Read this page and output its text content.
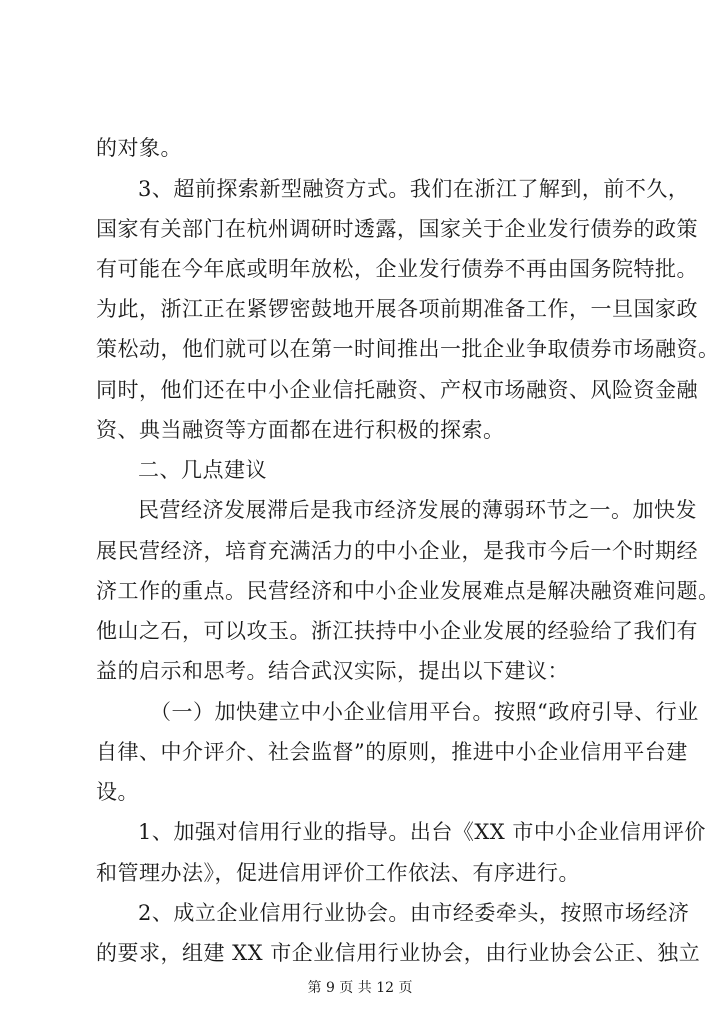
的对象。
3、超前探索新型融资方式。我们在浙江了解到，前不久，
国家有关部门在杭州调研时透露，国家关于企业发行债券的政策
有可能在今年底或明年放松，企业发行债券不再由国务院特批。
为此，浙江正在紧锣密鼓地开展各项前期准备工作，一旦国家政
策松动，他们就可以在第一时间推出一批企业争取债券市场融资。
同时，他们还在中小企业信托融资、产权市场融资、风险资金融
资、典当融资等方面都在进行积极的探索。
二、几点建议
民营经济发展滞后是我市经济发展的薄弱环节之一。加快发
展民营经济，培育充满活力的中小企业，是我市今后一个时期经
济工作的重点。民营经济和中小企业发展难点是解决融资难问题。
他山之石，可以攻玉。浙江扶持中小企业发展的经验给了我们有
益的启示和思考。结合武汉实际，提出以下建议：
（一）加快建立中小企业信用平台。按照“政府引导、行业
自律、中介评介、社会监督”的原则，推进中小企业信用平台建
设。
1、加强对信用行业的指导。出台《XX 市中小企业信用评价
和管理办法》，促进信用评价工作依法、有序进行。
2、成立企业信用行业协会。由市经委牵头，按照市场经济
的要求，组建 XX 市企业信用行业协会，由行业协会公正、独立
第 9 页 共 12 页
